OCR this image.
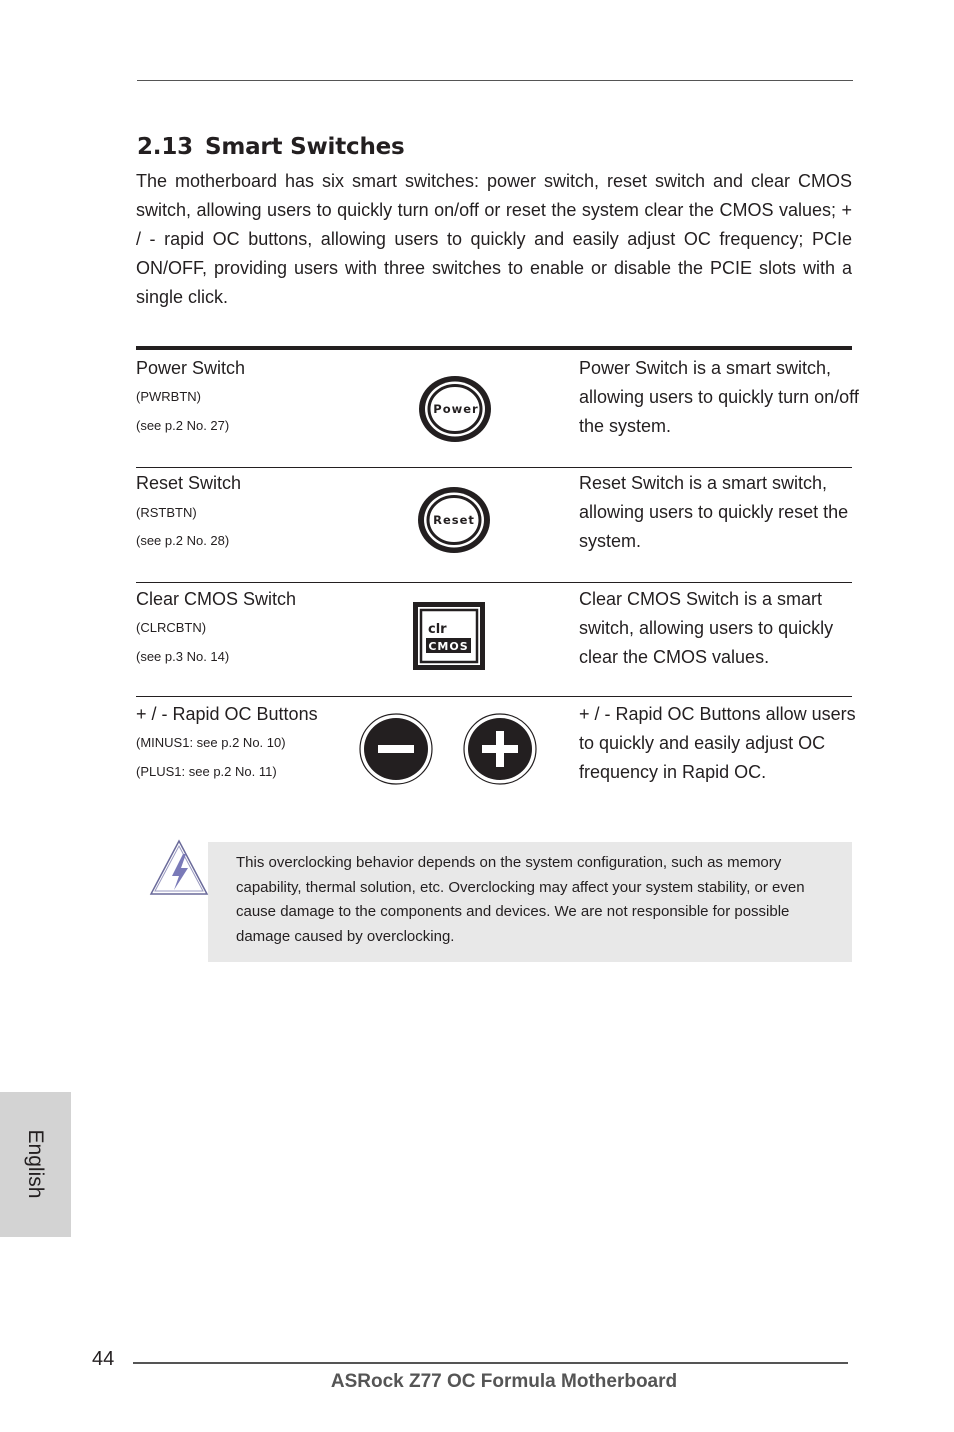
2.13 Smart Switches

The motherboard has six smart switches: power switch, reset switch and clear CMOS switch, allowing users to quickly turn on/off or reset the system clear the CMOS values; + / - rapid OC buttons, allowing users to quickly and easily adjust OC frequency; PCIe ON/OFF, providing users with three switches to enable or disable the PCIE slots with a single click.

Power Switch
(PWRBTN)
(see p.2 No. 27)
Power
Power Switch is a smart switch, allowing users to quickly turn on/off the system.
Reset Switch
(RSTBTN)
(see p.2 No. 28)
Reset
Reset Switch is a smart switch, allowing users to quickly reset the system.
Clear CMOS Switch
(CLRCBTN)
(see p.3 No. 14)
clr
CMOS
Clear CMOS Switch is a smart switch, allowing users to quickly clear the CMOS values.
+ / - Rapid OC Buttons
(MINUS1: see p.2 No. 10)
(PLUS1: see p.2 No. 11)
+ / - Rapid OC Buttons allow users to quickly and easily adjust OC frequency in Rapid OC.

This overclocking behavior depends on the system configuration, such as memory capability, thermal solution, etc. Overclocking may affect your system stability, or even cause damage to the components and devices. We are not responsible for possible damage caused by overclocking.

English
44
ASRock Z77 OC Formula Motherboard
